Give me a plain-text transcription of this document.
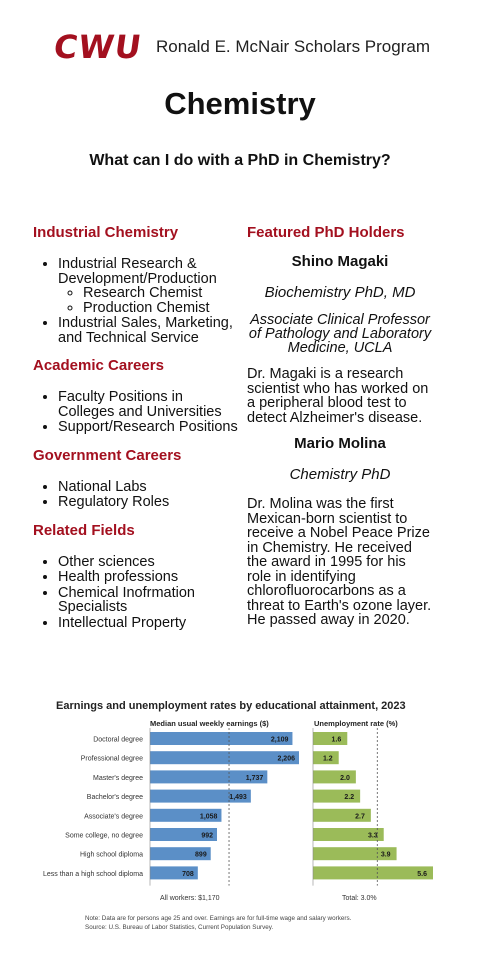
CWU Ronald E. McNair Scholars Program
Chemistry
What can I do with a PhD in Chemistry?
Industrial Chemistry
• Industrial Research & Development/Production
◦ Research Chemist
◦ Production Chemist
• Industrial Sales, Marketing, and Technical Service
Academic Careers
• Faculty Positions in Colleges and Universities
• Support/Research Positions
Government Careers
• National Labs
• Regulatory Roles
Related Fields
• Other sciences
• Health professions
• Chemical Inofrmation Specialists
• Intellectual Property
Featured PhD Holders
Shino Magaki
Biochemistry PhD, MD
Associate Clinical Professor of Pathology and Laboratory Medicine, UCLA
Dr. Magaki is a research scientist who has worked on a peripheral blood test to detect Alzheimer's disease.
Mario Molina
Chemistry PhD
Dr. Molina was the first Mexican-born scientist to receive a Nobel Peace Prize in Chemistry. He received the award in 1995 for his role in identifying chlorofluorocarbons as a threat to Earth's ozone layer. He passed away in 2020.
Earnings and unemployment rates by educational attainment, 2023
Median usual weekly earnings ($)	Unemployment rate (%)
Doctoral degree	2,109	1.6
Professional degree	2,206	1.2
Master's degree	1,737	2.0
Bachelor's degree	1,493	2.2
Associate's degree	1,058	2.7
Some college, no degree	992	3.3
High school diploma	899	3.9
Less than a high school diploma	708	5.6
All workers: $1,170	Total: 3.0%
Note: Data are for persons age 25 and over. Earnings are for full-time wage and salary workers.
Source: U.S. Bureau of Labor Statistics, Current Population Survey.
